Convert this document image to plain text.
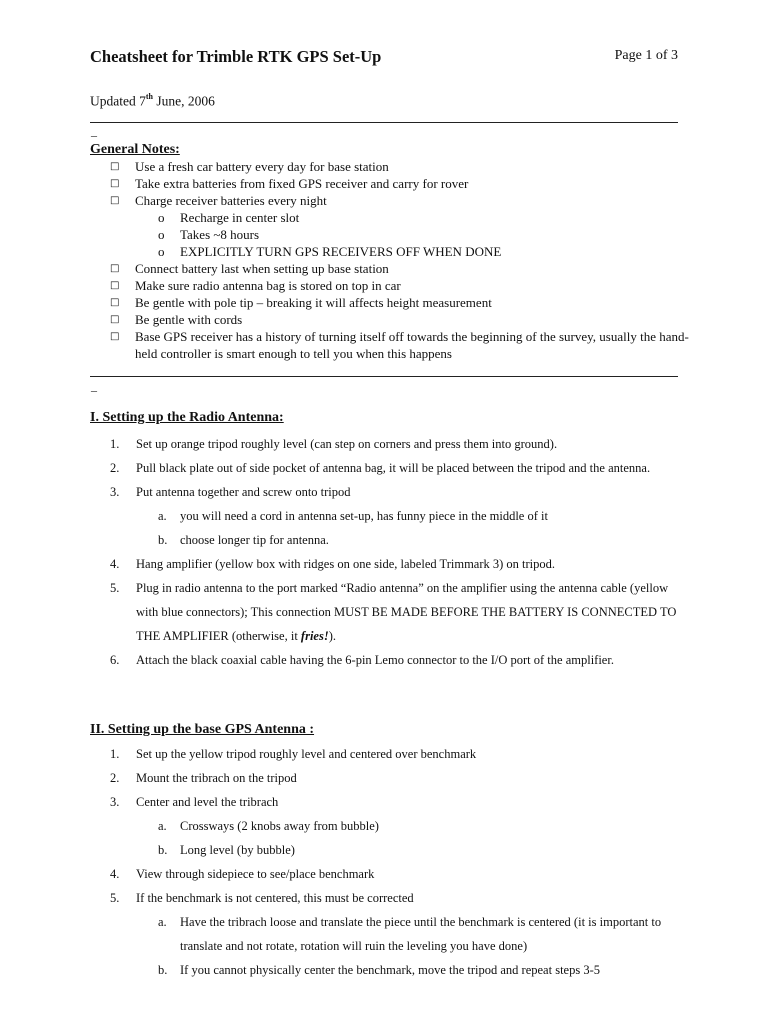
Cheatsheet for Trimble RTK GPS Set-Up	Page 1 of 3
Updated 7th June, 2006
_
General Notes:
□	Use a fresh car battery every day for base station
□	Take extra batteries from fixed GPS receiver and carry for rover
□	Charge receiver batteries every night
o	Recharge in center slot
o	Takes ~8 hours
o	EXPLICITLY TURN GPS RECEIVERS OFF WHEN DONE
□	Connect battery last when setting up base station
□	Make sure radio antenna bag is stored on top in car
□	Be gentle with pole tip – breaking it will affects height measurement
□	Be gentle with cords
□	Base GPS receiver has a history of turning itself off towards the beginning of the survey, usually the hand-held controller is smart enough to tell you when this happens
_
I. Setting up the Radio Antenna:
1.	Set up orange tripod roughly level (can step on corners and press them into ground).
2.	Pull black plate out of side pocket of antenna bag, it will be placed between the tripod and the antenna.
3.	Put antenna together and screw onto tripod
a.	you will need a cord in antenna set-up, has funny piece in the middle of it
b.	choose longer tip for antenna.
4.	Hang amplifier (yellow box with ridges on one side, labeled Trimmark 3) on tripod.
5.	Plug in radio antenna to the port marked “Radio antenna” on the amplifier using the antenna cable (yellow with blue connectors); This connection MUST BE MADE BEFORE THE BATTERY IS CONNECTED TO THE AMPLIFIER (otherwise, it fries!).
6.	Attach the black coaxial cable having the 6-pin Lemo connector to the I/O port of the amplifier.
II. Setting up the base GPS Antenna :
1.	Set up the yellow tripod roughly level and centered over benchmark
2.	Mount the tribrach on the tripod
3.	Center and level the tribrach
a.	Crossways (2 knobs away from bubble)
b.	Long level (by bubble)
4.	View through sidepiece to see/place benchmark
5.	If the benchmark is not centered, this must be corrected
a.	Have the tribrach loose and translate the piece until the benchmark is centered (it is important to translate and not rotate, rotation will ruin the leveling you have done)
b.	If you cannot physically center the benchmark, move the tripod and repeat steps 3-5
